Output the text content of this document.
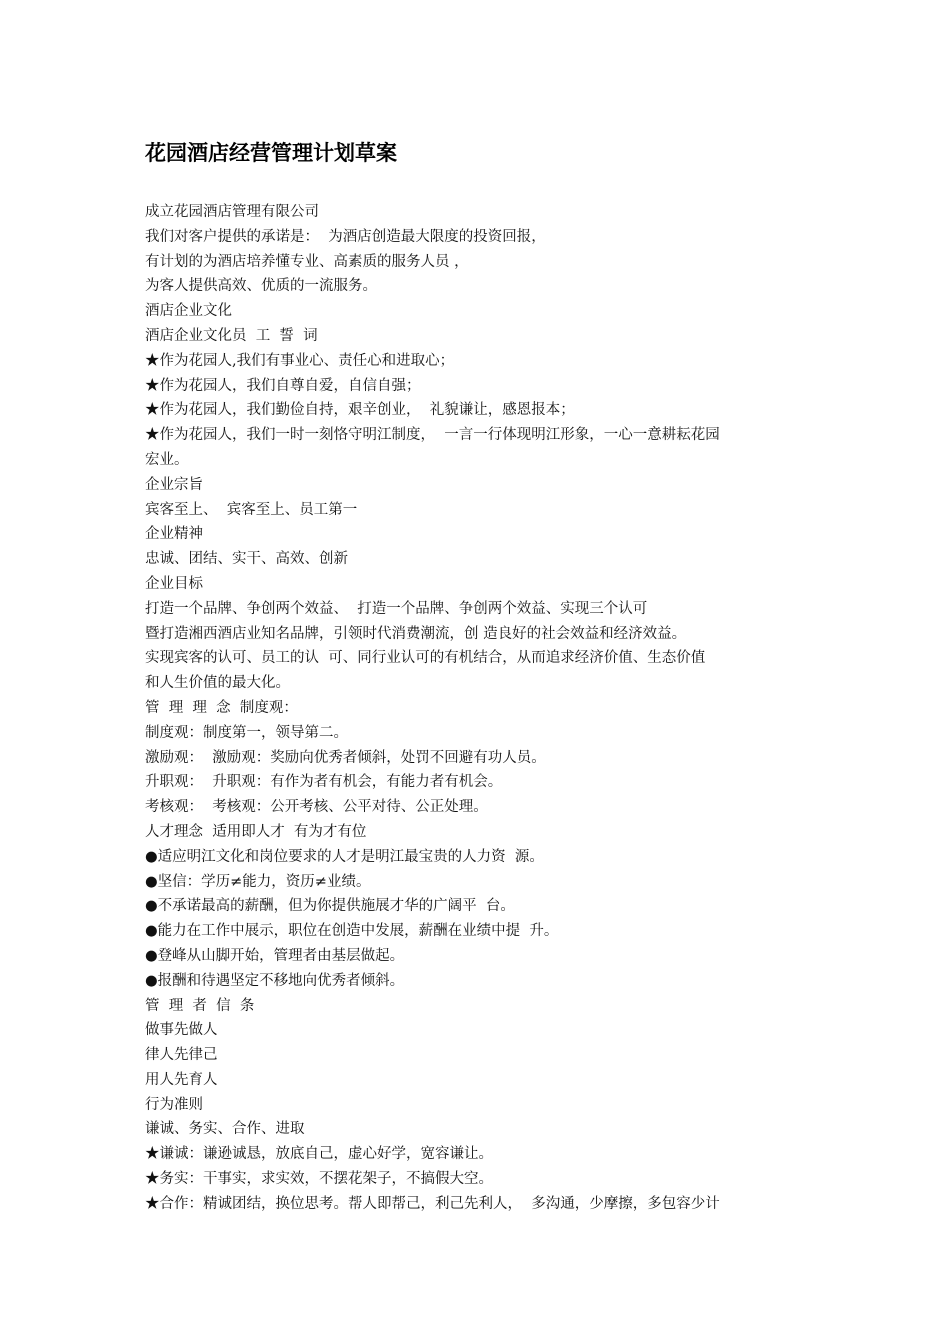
花园酒店经营管理计划草案
成立花园酒店管理有限公司
我们对客户提供的承诺是：  为酒店创造最大限度的投资回报，
有计划的为酒店培养懂专业、高素质的服务人员 ，
为客人提供高效、优质的一流服务。
酒店企业文化
酒店企业文化员  工  誓  词
★作为花园人,我们有事业心、责任心和进取心；
★作为花园人，我们自尊自爱，自信自强；
★作为花园人，我们勤俭自持，艰辛创业，  礼貌谦让，感恩报本；
★作为花园人，我们一时一刻恪守明江制度，  一言一行体现明江形象，一心一意耕耘花园
宏业。
企业宗旨
宾客至上、  宾客至上、员工第一
企业精神
忠诚、团结、实干、高效、创新
企业目标
打造一个品牌、争创两个效益、  打造一个品牌、争创两个效益、实现三个认可
暨打造湘西酒店业知名品牌，引领时代消费潮流，创 造良好的社会效益和经济效益。
实现宾客的认可、员工的认  可、同行业认可的有机结合，从而追求经济价值、生态价值
和人生价值的最大化。
管  理  理  念  制度观：
制度观：制度第一，领导第二。
激励观：  激励观：奖励向优秀者倾斜，处罚不回避有功人员。
升职观：  升职观：有作为者有机会，有能力者有机会。
考核观：  考核观：公开考核、公平对待、公正处理。
人才理念  适用即人才  有为才有位
●适应明江文化和岗位要求的人才是明江最宝贵的人力资  源。
●坚信：学历≠能力，资历≠业绩。
●不承诺最高的薪酬，但为你提供施展才华的广阔平  台。
●能力在工作中展示，职位在创造中发展，薪酬在业绩中提  升。
●登峰从山脚开始，管理者由基层做起。
●报酬和待遇坚定不移地向优秀者倾斜。
管  理  者  信  条
做事先做人
律人先律己
用人先育人
行为准则
谦诚、务实、合作、进取
★谦诚：谦逊诚恳，放底自己，虚心好学，宽容谦让。
★务实：干事实，求实效，不摆花架子，不搞假大空。
★合作：精诚团结，换位思考。帮人即帮己，利己先利人，  多沟通，少摩擦，多包容少计
